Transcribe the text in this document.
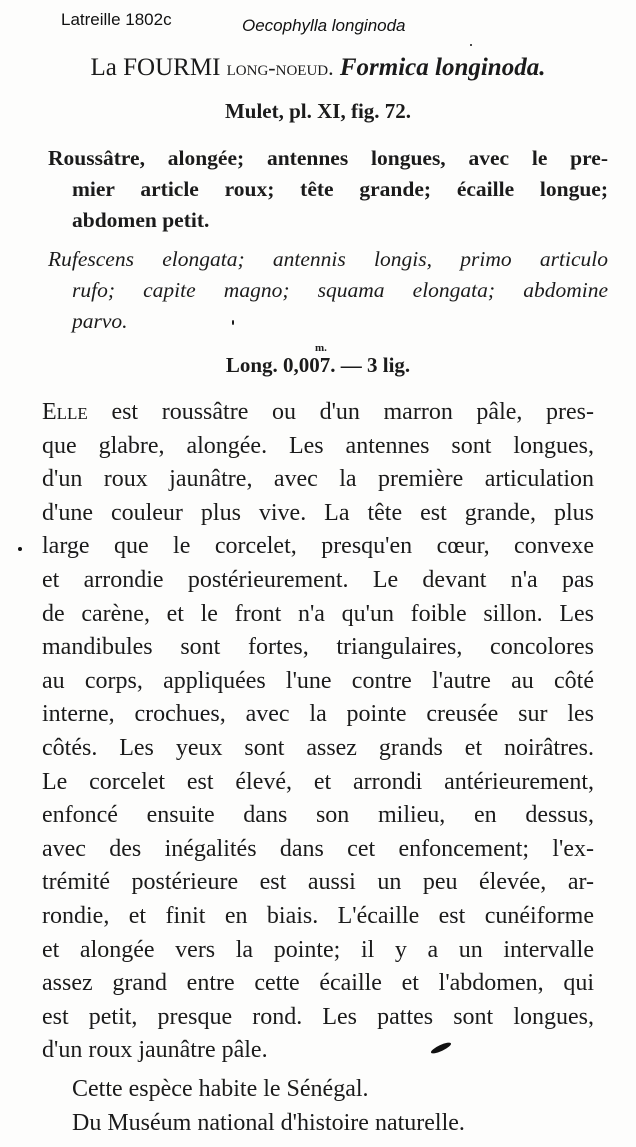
Latreille 1802c	Oecophylla longinoda
La FOURMI long-noeud. Formica longinoda.
Mulet, pl. XI, fig. 72.
Roussâtre, alongée; antennes longues, avec le pre-
mier article roux; tête grande; écaille longue;
abdomen petit.
Rufescens elongata; antennis longis, primo articulo
rufo; capite magno; squama elongata; abdomine
parvo.
m.
Long. 0,007. — 3 lig.
Elle est roussâtre ou d'un marron pâle, pres-
que glabre, alongée. Les antennes sont longues,
d'un roux jaunâtre, avec la première articulation
d'une couleur plus vive. La tête est grande, plus
large que le corcelet, presqu'en cœur, convexe
et arrondie postérieurement. Le devant n'a pas
de carène, et le front n'a qu'un foible sillon. Les
mandibules sont fortes, triangulaires, concolores
au corps, appliquées l'une contre l'autre au côté
interne, crochues, avec la pointe creusée sur les
côtés. Les yeux sont assez grands et noirâtres.
Le corcelet est élevé, et arrondi antérieurement,
enfoncé ensuite dans son milieu, en dessus,
avec des inégalités dans cet enfoncement; l'ex-
trémité postérieure est aussi un peu élevée, ar-
rondie, et finit en biais. L'écaille est cunéiforme
et alongée vers la pointe; il y a un intervalle
assez grand entre cette écaille et l'abdomen, qui
est petit, presque rond. Les pattes sont longues,
d'un roux jaunâtre pâle.
Cette espèce habite le Sénégal.
Du Muséum national d'histoire naturelle.
